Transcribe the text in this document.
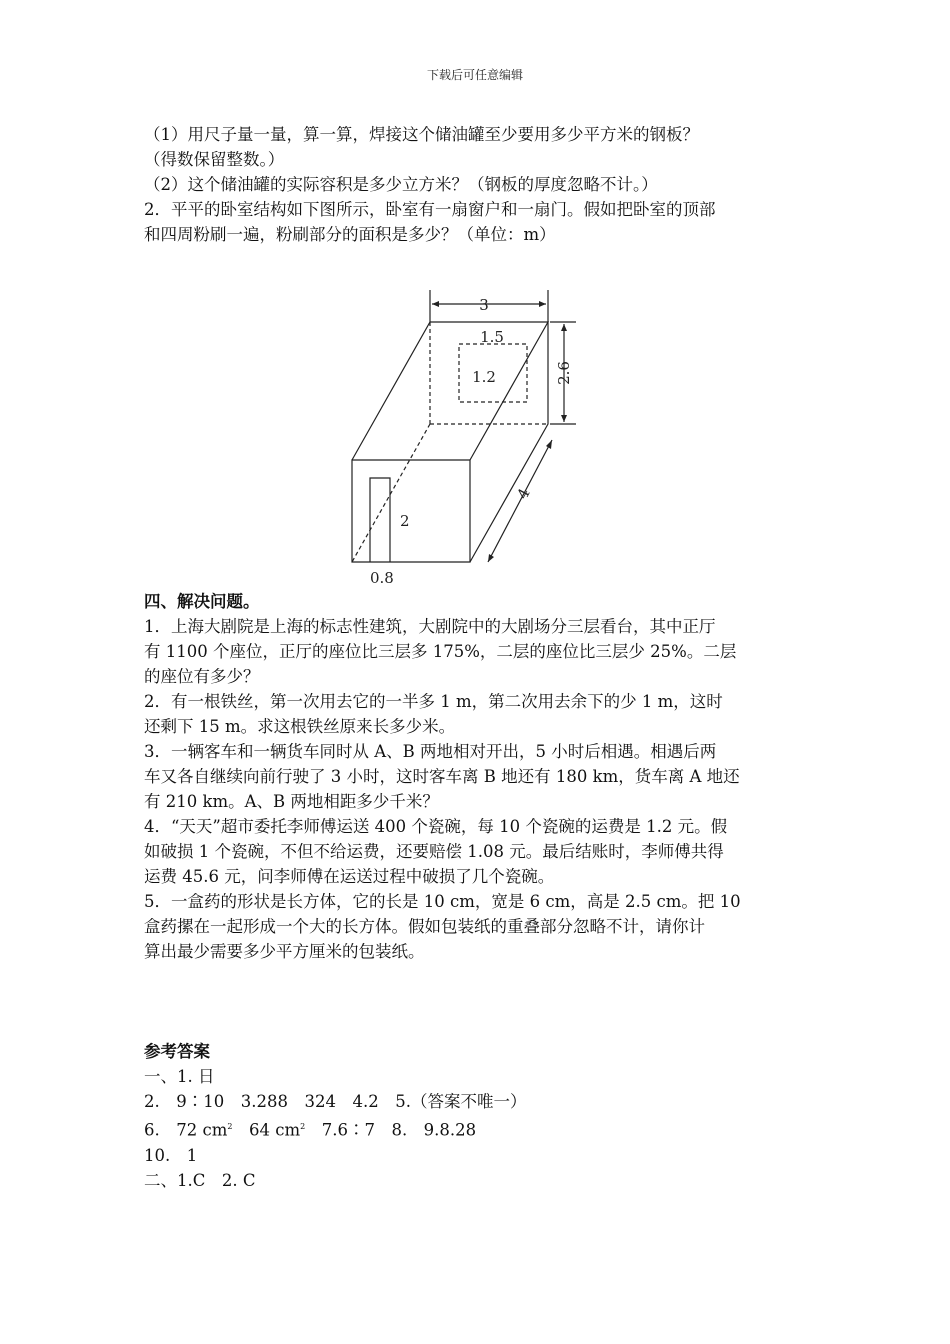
下载后可任意编辑
（1）用尺子量一量，算一算，焊接这个储油罐至少要用多少平方米的钢板？
（得数保留整数。）
（2）这个储油罐的实际容积是多少立方米？（钢板的厚度忽略不计。）
2．平平的卧室结构如下图所示，卧室有一扇窗户和一扇门。假如把卧室的顶部
和四周粉刷一遍，粉刷部分的面积是多少？（单位：m）
四、解决问题。
1．上海大剧院是上海的标志性建筑，大剧院中的大剧场分三层看台，其中正厅
有 1100 个座位，正厅的座位比三层多 175%，二层的座位比三层少 25%。二层
的座位有多少？
2．有一根铁丝，第一次用去它的一半多 1 m，第二次用去余下的少 1 m，这时
还剩下 15 m。求这根铁丝原来长多少米。
3．一辆客车和一辆货车同时从 A、B 两地相对开出，5 小时后相遇。相遇后两
车又各自继续向前行驶了 3 小时，这时客车离 B 地还有 180 km，货车离 A 地还
有 210 km。A、B 两地相距多少千米？
4．“天天”超市委托李师傅运送 400 个瓷碗，每 10 个瓷碗的运费是 1.2 元。假
如破损 1 个瓷碗，不但不给运费，还要赔偿 1.08 元。最后结账时，李师傅共得
运费 45.6 元，问李师傅在运送过程中破损了几个瓷碗。
5．一盒药的形状是长方体，它的长是 10 cm，宽是 6 cm，高是 2.5 cm。把 10
盒药摞在一起形成一个大的长方体。假如包装纸的重叠部分忽略不计，请你计
算出最少需要多少平方厘米的包装纸。
参考答案
一、1. 日
2.　9∶10　3.288　324　4.2　5.（答案不唯一）
6.　72 $cm^2$　64 $cm^2$　7.6∶7　8.　9.8.28
10.　1
二、1.C　2. C
3
1.5
1.2	2.6
4
2
0.8
